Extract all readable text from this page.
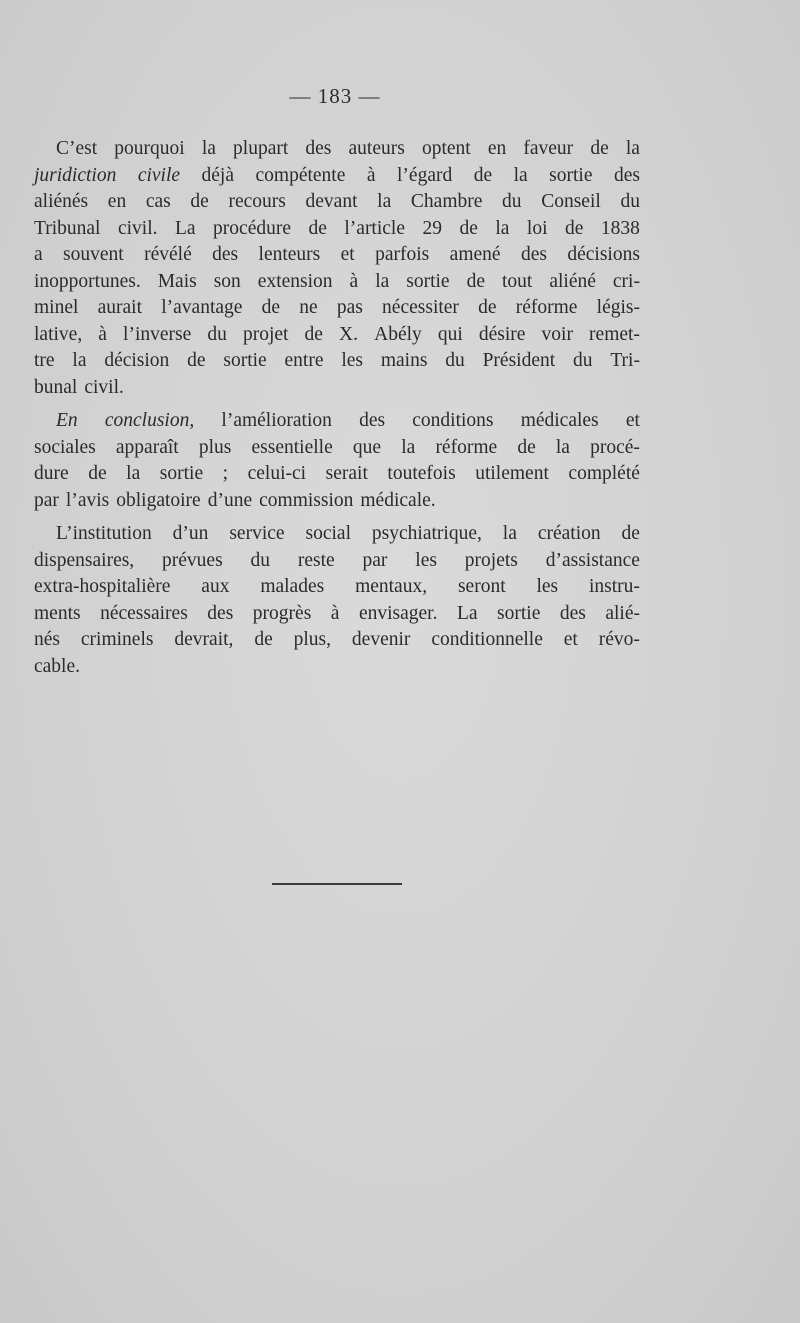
— 183 —
C’est pourquoi la plupart des auteurs optent en faveur de la
juridiction civile déjà compétente à l’égard de la sortie des
aliénés en cas de recours devant la Chambre du Conseil du
Tribunal civil. La procédure de l’article 29 de la loi de 1838
a souvent révélé des lenteurs et parfois amené des décisions
inopportunes. Mais son extension à la sortie de tout aliéné cri-
minel aurait l’avantage de ne pas nécessiter de réforme légis-
lative, à l’inverse du projet de X. Abély qui désire voir remet-
tre la décision de sortie entre les mains du Président du Tri-
bunal civil.
En conclusion, l’amélioration des conditions médicales et
sociales apparaît plus essentielle que la réforme de la procé-
dure de la sortie ; celui-ci serait toutefois utilement complété
par l’avis obligatoire d’une commission médicale.
L’institution d’un service social psychiatrique, la création de
dispensaires, prévues du reste par les projets d’assistance
extra-hospitalière aux malades mentaux, seront les instru-
ments nécessaires des progrès à envisager. La sortie des alié-
nés criminels devrait, de plus, devenir conditionnelle et révo-
cable.
